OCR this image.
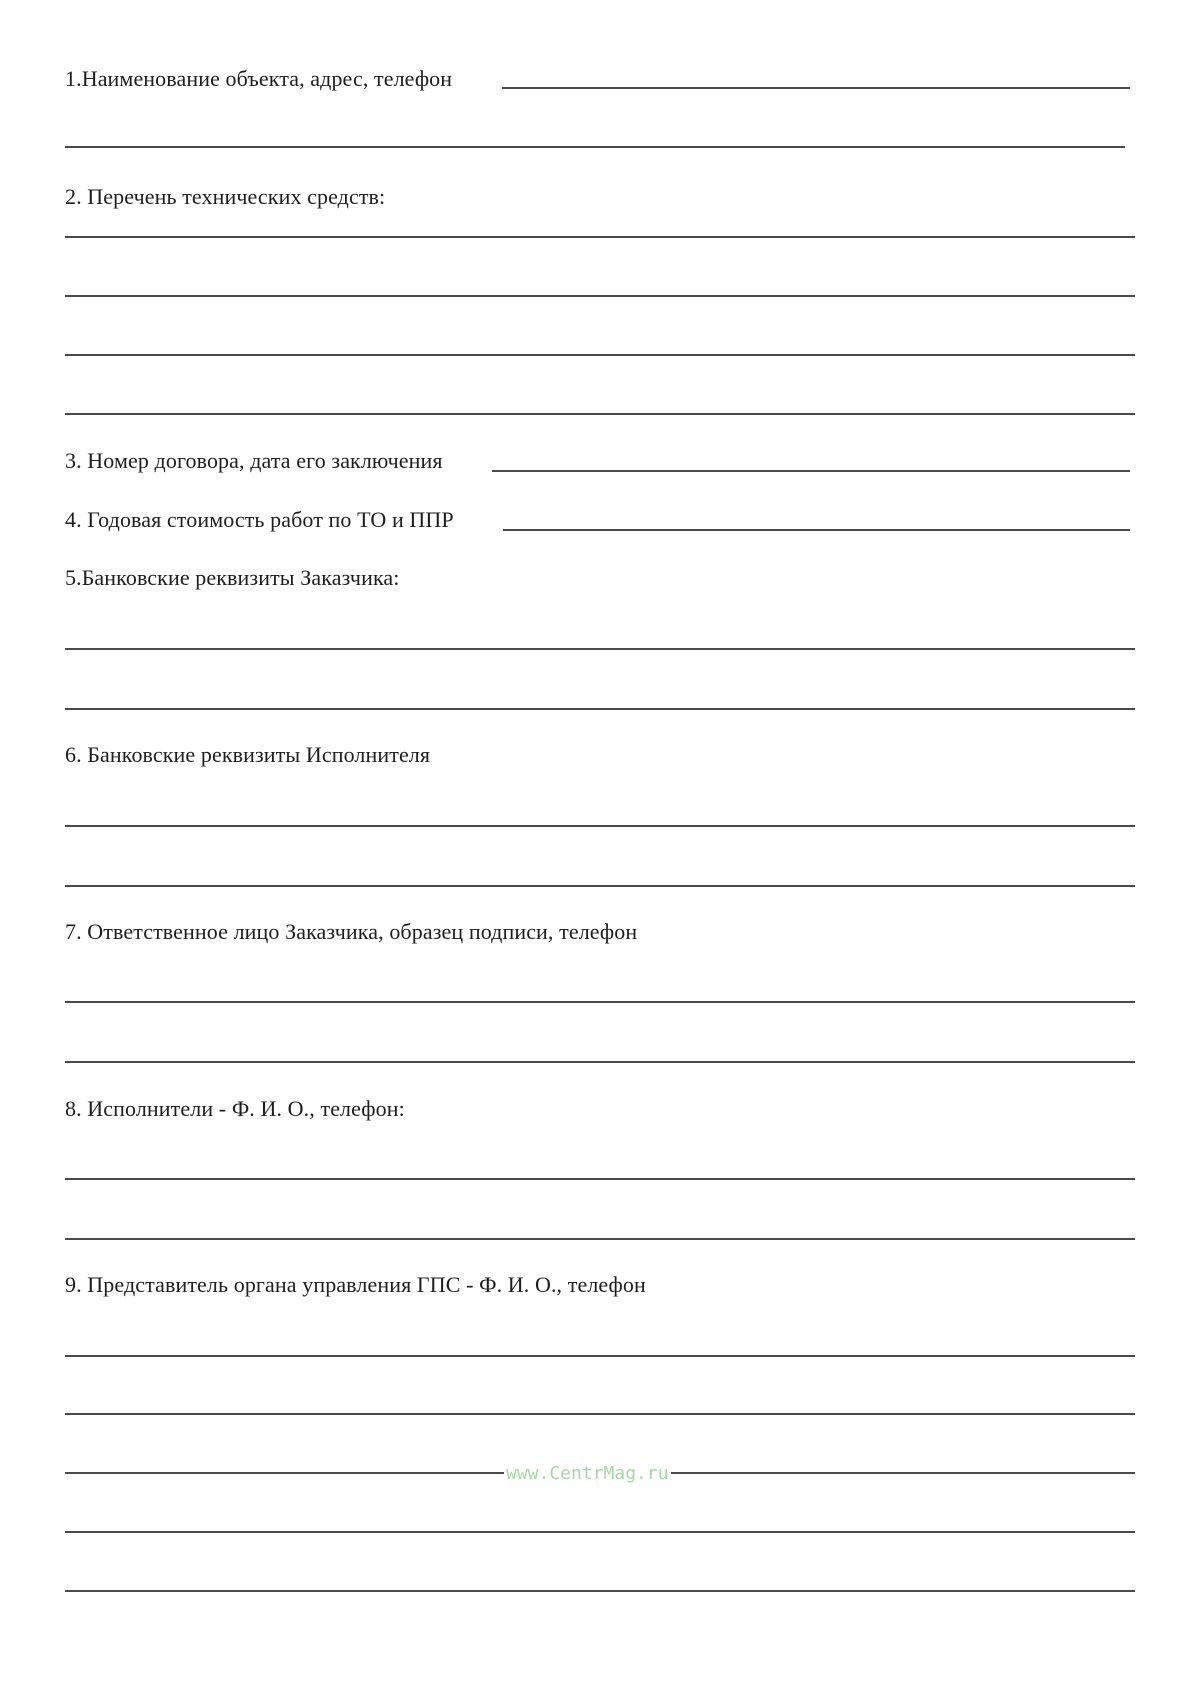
1.Наименование объекта, адрес, телефон
2. Перечень технических средств:
3. Номер договора, дата его заключения
4. Годовая стоимость работ по ТО и ППР
5.Банковские реквизиты Заказчика:
6. Банковские реквизиты Исполнителя
7. Ответственное лицо Заказчика, образец подписи, телефон
8. Исполнители - Ф. И. О., телефон:
9. Представитель органа управления ГПС - Ф. И. О., телефон
www.CentrMag.ru
